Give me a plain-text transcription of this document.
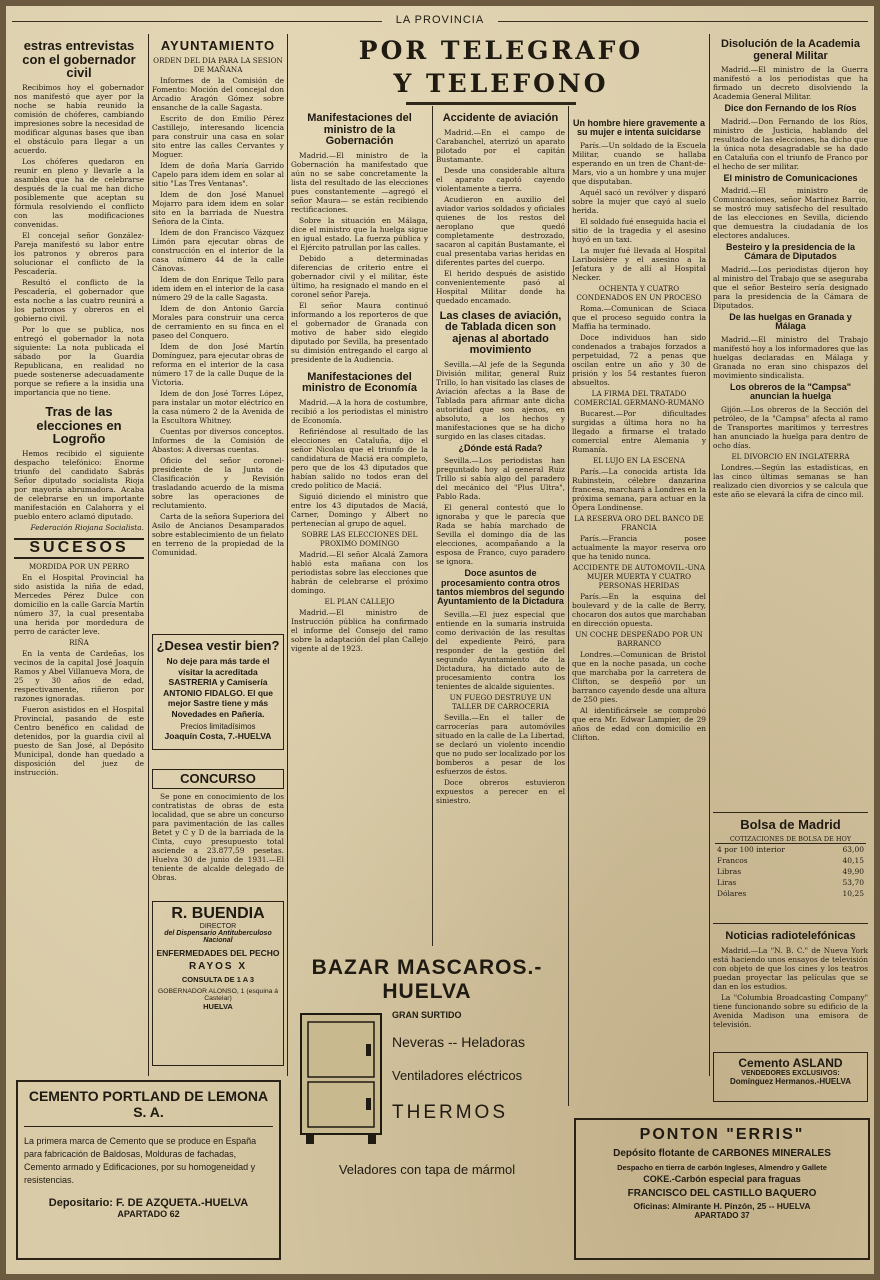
LA PROVINCIA
POR TELEGRAFO
Y TELEFONO
estras entrevistas con el gobernador civil

Recibimos hoy el gobernador nos manifestó que ayer por la noche se había reunido la comisión de chóferes, cambiando impresiones sobre la necesidad de modificar algunas bases que iban el obstáculo para llegar a un acuerdo.

Los chóferes quedaron en reunir en pleno y llevarle a la asamblea que ha de celebrarse después de la cual me han dicho posiblemente que aceptan su fórmula resolviendo el conflicto con las modificaciones convenidas.

El concejal señor González-Pareja manifestó su labor entre los patronos y obreros para solucionar el conflicto de la Pescadería.

Resultó el conflicto de la Pescadería, el gobernador que esta noche a las cuatro reunirá a los patronos y obreros en el gobierno civil.

Por lo que se publica, nos entregó el gobernador la nota siguiente: La nota publicada el sábado por la Guardia Republicana, en realidad no puede sostenerse adecuadamente porque se refiere a la insidia una importancia que no tiene.

Tras de las elecciones en Logroño

Hemos recibido el siguiente despacho telefónico: Enorme triunfo del candidato Sabrás Señor diputado socialista Rioja por mayoría abrumadora. Acaba de celebrarse en un importante manifestación en Calahorra y el pueblo entero aclamó diputado.

Federación Riojana Socialista.

SUCESOS
MORDIDA POR UN PERRO

En el Hospital Provincial ha sido asistida la niña de edad, Mercedes Pérez Dulce con domicilio en la calle García Martín número 37, la cual presentaba una herida por mordedura de perro de carácter leve.

RIÑA

En la venta de Cardeñas, los vecinos de la capital José Joaquín Ramos y Abel Villanueva Mora, de 25 y 30 años de edad, respectivamente, riñeron por razones ignoradas.

Fueron asistidos en el Hospital Provincial, pasando de este Centro benéfico en calidad de detenidos, por la guardia civil al puesto de San José, al Depósito Municipal, donde han quedado a disposición del juez de instrucción.

AYUNTAMIENTO
ORDEN DEL DIA PARA LA SESION DE MAÑANA

Informes de la Comisión de Fomento: Moción del concejal don Arcadio Aragón Gómez sobre ensanche de la calle Sagasta.

Escrito de don Emilio Pérez Castillejo, interesando licencia para construir una casa en solar sito entre las calles Cervantes y Moguer.

Idem de doña María Garrido Capelo para idem idem en solar al sitio "Las Tres Ventanas".

Idem de don José Manuel Mojarro para idem idem en solar sito en la barriada de Nuestra Señora de la Cinta.

Idem de don Francisco Vázquez Limón para ejecutar obras de construcción en el interior de la casa número 44 de la calle Cánovas.

Idem de don Enrique Tello para idem idem en el interior de la casa número 29 de la calle Sagasta.

Idem de don Antonio García Morales para construir una cerca de cerramiento en su finca en el paseo del Conquero.

Idem de don José Martín Domínguez, para ejecutar obras de reforma en el interior de la casa número 17 de la calle Duque de la Victoria.

Idem de don José Torres López, para instalar un motor eléctrico en la casa número 2 de la Avenida de la Escultora Whitney.

Cuentas por diversos conceptos. Informes de la Comisión de Abastos: A diversas cuentas.

Oficio del señor coronel-presidente de la Junta de Clasificación y Revisión trasladando acuerdo de la misma sobre las operaciones de reclutamiento.

Carta de la señora Superiora del Asilo de Ancianos Desamparados sobre establecimiento de un fielato en terreno de la propiedad de la Comunidad.

¿Desea vestir bien?
No deje para más tarde el visitar la acreditada SASTRERIA y Camisería ANTONIO FIDALGO. El que mejor Sastre tiene y más Novedades en Pañería.
Precios limitadísimos
Joaquín Costa, 7.-HUELVA
CONCURSO

Se pone en conocimiento de los contratistas de obras de esta localidad, que se abre un concurso para pavimentación de las calles Betet y C y D de la barriada de la Cinta, cuyo presupuesto total asciende a 23.877,59 pesetas. Huelva 30 de junio de 1931.—El teniente de alcalde delegado de Obras.

R. BUENDIA
DIRECTOR
del Dispensario Antituberculoso Nacional
ENFERMEDADES DEL PECHO
RAYOS X
CONSULTA DE 1 A 3
GOBERNADOR ALONSO, 1 (esquina á Castelar)
HUELVA
Manifestaciones del ministro de la Gobernación

Madrid.—El ministro de la Gobernación ha manifestado que aún no se sabe concretamente la lista del resultado de las elecciones pues constantemente —agregó el señor Maura— se están recibiendo rectificaciones.

Sobre la situación en Málaga, dice el ministro que la huelga sigue en igual estado. La fuerza pública y el Ejército patrullan por las calles.

Debido a determinadas diferencias de criterio entre el gobernador civil y el militar, éste último, ha resignado el mando en el coronel señor Pareja.

El señor Maura continuó informando a los reporteros de que el gobernador de Granada con motivo de haber sido elegido diputado por Sevilla, ha presentado su dimisión entregando el cargo al presidente de la Audiencia.

Manifestaciones del ministro de Economía

Madrid.—A la hora de costumbre, recibió a los periodistas el ministro de Economía.

Refiriéndose al resultado de las elecciones en Cataluña, dijo el señor Nicolau que el triunfo de la candidatura de Maciá era completo, pero que de los 43 diputados que habían salido no todos eran del credo político de Maciá.

Siguió diciendo el ministro que entre los 43 diputados de Maciá, Carner, Domingo y Albert no pertenecían al grupo de aquel.

SOBRE LAS ELECCIONES DEL PROXIMO DOMINGO

Madrid.—El señor Alcalá Zamora habló esta mañana con los periodistas sobre las elecciones que habrán de celebrarse el próximo domingo.

EL PLAN CALLEJO

Madrid.—El ministro de Instrucción pública ha confirmado el informe del Consejo del ramo sobre la adaptación del plan Callejo vigente al de 1923.

Accidente de aviación

Madrid.—En el campo de Carabanchel, aterrizó un aparato pilotado por el capitán Bustamante.

Desde una considerable altura el aparato capotó cayendo violentamente a tierra.

Acudieron en auxilio del aviador varios soldados y oficiales quienes de los restos del aeroplano que quedó completamente destrozado, sacaron al capitán Bustamante, el cual presentaba varias heridas en diferentes partes del cuerpo.

El herido después de asistido convenientemente pasó al Hospital Militar donde ha quedado encamado.

Las clases de aviación, de Tablada dicen son ajenas al abortado movimiento

Sevilla.—Al jefe de la Segunda División militar, general Ruiz Trillo, lo han visitado las clases de Aviación afectas a la Base de Tablada para afirmar ante dicha autoridad que son ajenos, en absoluto, a los hechos y manifestaciones que se ha dicho surgido en las clases citadas.

¿Dónde está Rada?

Sevilla.—Los periodistas han preguntado hoy al general Ruiz Trillo si sabía algo del paradero del mecánico del "Plus Ultra", Pablo Rada.

El general contestó que lo ignoraba y que le parecía que Rada se había marchado de Sevilla el domingo día de las elecciones, acompañando a la esposa de Franco, cuyo paradero se ignora.

Doce asuntos de procesamiento contra otros tantos miembros del segundo Ayuntamiento de la Dictadura

Sevilla.—El juez especial que entiende en la sumaria instruida como derivación de las resultas del expediente Peiró, para responder de la gestión del segundo Ayuntamiento de la Dictadura, ha dictado auto de procesamiento contra los tenientes de alcalde siguientes.

UN FUEGO DESTRUYE UN TALLER DE CARROCERIA

Sevilla.—En el taller de carrocerías para automóviles situado en la calle de La Libertad, se declaró un violento incendio que no pudo ser localizado por los bomberos a pesar de los esfuerzos de éstos.

Doce obreros estuvieron expuestos a perecer en el siniestro.

Un hombre hiere gravemente a su mujer e intenta suicidarse

París.—Un soldado de la Escuela Militar, cuando se hallaba esperando en un tren de Chant-de-Mars, vio a un hombre y una mujer que disputaban.

Aquél sacó un revólver y disparó sobre la mujer que cayó al suelo herida.

El soldado fué enseguida hacia el sitio de la tragedia y el asesino huyó en un taxi.

La mujer fué llevada al Hospital Lariboisière y el asesino a la Jefatura y de allí al Hospital Necker.

OCHENTA Y CUATRO CONDENADOS EN UN PROCESO

Roma.—Comunican de Sciaca que el proceso seguido contra la Maffia ha terminado.

Doce individuos han sido condenados a trabajos forzados a perpetuidad, 72 a penas que oscilan entre un año y 30 de prisión y los 54 restantes fueron absueltos.

LA FIRMA DEL TRATADO COMERCIAL GERMANO-RUMANO

Bucarest.—Por dificultades surgidas a última hora no ha llegado a firmarse el tratado comercial entre Alemania y Rumanía.

EL LUJO EN LA ESCENA

París.—La conocida artista Ida Rubinstein, célebre danzarina francesa, marchará a Londres en la próxima semana, para actuar en la Ópera Londinense.

LA RESERVA ORO DEL BANCO DE FRANCIA

París.—Francia posee actualmente la mayor reserva oro que ha tenido nunca.

ACCIDENTE DE AUTOMOVIL.-UNA MUJER MUERTA Y CUATRO PERSONAS HERIDAS

París.—En la esquina del boulevard y de la calle de Berry, chocaron dos autos que marchaban en dirección opuesta.

UN COCHE DESPEÑADO POR UN BARRANCO

Londres.—Comunican de Bristol que en la noche pasada, un coche que marchaba por la carretera de Clifton, se despeñó por un barranco cayendo desde una altura de 250 pies.

Al identificársele se comprobó que era Mr. Edwar Lampier, de 29 años de edad con domicilio en Clifton.

Disolución de la Academia general Militar

Madrid.—El ministro de la Guerra manifestó a los periodistas que ha firmado un decreto disolviendo la Academia General Militar.

Dice don Fernando de los Ríos

Madrid.—Don Fernando de los Ríos, ministro de Justicia, hablando del resultado de las elecciones, ha dicho que la única nota desagradable se ha dado en Cataluña con el triunfo de Franco por el hecho de ser militar.

El ministro de Comunicaciones

Madrid.—El ministro de Comunicaciones, señor Martínez Barrio, se mostró muy satisfecho del resultado de las elecciones en Sevilla, diciendo que demuestra la ciudadanía de los electores andaluces.

Besteiro y la presidencia de la Cámara de Diputados

Madrid.—Los periodistas dijeron hoy al ministro del Trabajo que se aseguraba que el señor Besteiro sería designado para la presidencia de la Cámara de Diputados.

De las huelgas en Granada y Málaga

Madrid.—El ministro del Trabajo manifestó hoy a los informadores que las huelgas declaradas en Málaga y Granada no eran sino chispazos del movimiento sindicalista.

Los obreros de la "Campsa" anuncian la huelga

Gijón.—Los obreros de la Sección del petróleo, de la "Campsa" afecta al ramo de Transportes marítimos y terrestres han anunciado la huelga para dentro de ocho días.

EL DIVORCIO EN INGLATERRA

Londres.—Según las estadísticas, en las cinco últimas semanas se han realizado cien divorcios y se calcula que este año se elevará la cifra de cinco mil.

Bolsa de Madrid
COTIZACIONES DE BOLSA DE HOY
4 por 100 interior	63,00
Francos	40,15
Libras	49,90
Liras	53,70
Dólares	10,25
Noticias radiotelefónicas

Madrid.—La "N. B. C." de Nueva York está haciendo unos ensayos de televisión con objeto de que los cines y los teatros puedan proyectar las películas que se dan en los estudios.

La "Columbia Broadcasting Company" tiene funcionando sobre su edificio de la Avenida Madison una emisora de televisión.

Cemento ASLAND
VENDEDORES EXCLUSIVOS:
Domínguez Hermanos.-HUELVA
CEMENTO PORTLAND DE LEMONA S. A.
La primera marca de Cemento que se produce en España para fabricación de Baldosas, Molduras de fachadas, Cemento armado y Edificaciones, por su homogeneidad y resistencias.
Depositario: F. DE AZQUETA.-HUELVA
APARTADO 62
BAZAR MASCAROS.-HUELVA
GRAN SURTIDO
Neveras -- Heladoras
Ventiladores eléctricos
THERMOS
Veladores con tapa de mármol
PONTON "ERRIS"
Depósito flotante de CARBONES MINERALES
Despacho en tierra de carbón Ingleses, Almendro y Gallete
COKE.-Carbón especial para fraguas
FRANCISCO DEL CASTILLO BAQUERO
Oficinas: Almirante H. Pinzón, 25 -- HUELVA
APARTADO 37
